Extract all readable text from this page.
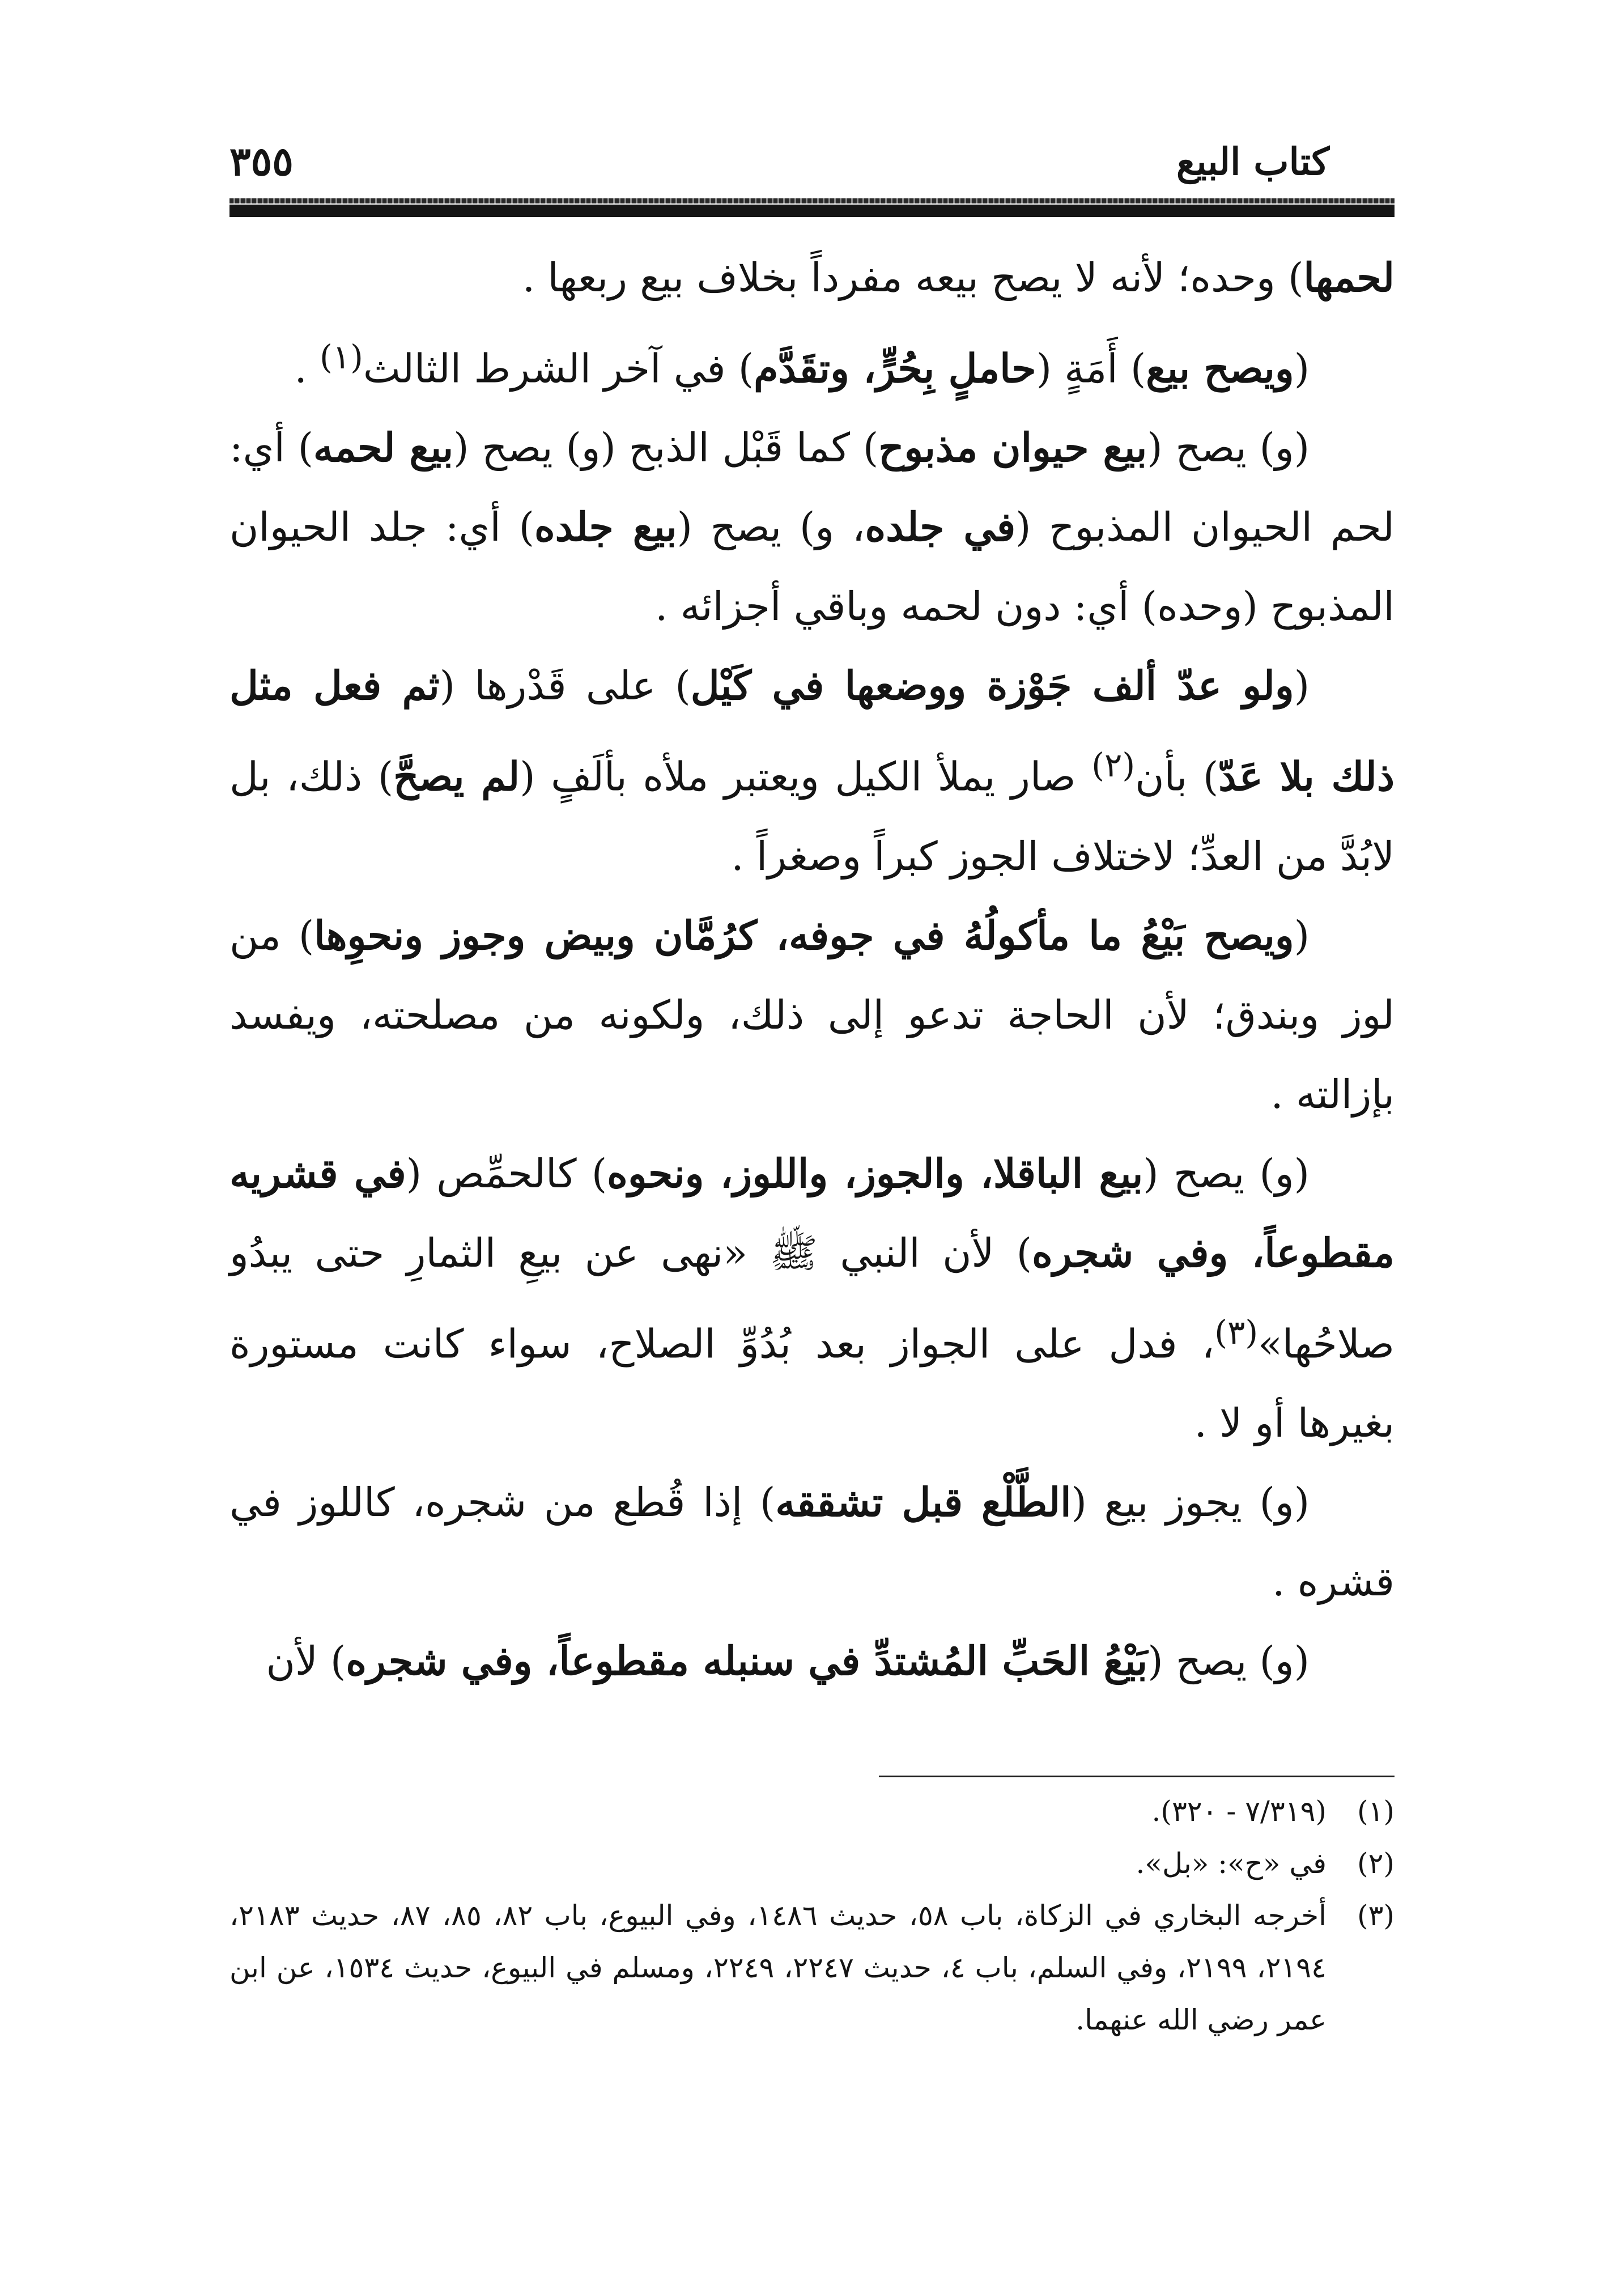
كتاب البيع
٣٥٥

لحمها) وحده؛ لأنه لا يصح بيعه مفرداً بخلاف بيع ربعها .

(ويصح بيع) أَمَةٍ (حاملٍ بِحُرٍّ، وتقَدَّم) في آخر الشرط الثالث$^{(١)}$ .

(و) يصح (بيع حيوان مذبوح) كما قَبْل الذبح (و) يصح (بيع لحمه) أي: لحم الحيوان المذبوح (في جلده، و) يصح (بيع جلده) أي: جلد الحيوان المذبوح (وحده) أي: دون لحمه وباقي أجزائه .

(ولو عدّ ألف جَوْزة ووضعها في كَيْل) على قَدْرها (ثم فعل مثل ذلك بلا عَدّ) بأن$^{(٢)}$ صار يملأ الكيل ويعتبر ملأه بألَفٍ (لم يصحَّ) ذلك، بل لابُدَّ من العدِّ؛ لاختلاف الجوز كبراً وصغراً .

(ويصح بَيْعُ ما مأكولُهُ في جوفه، كرُمَّان وبيض وجوز ونحوِها) من لوز وبندق؛ لأن الحاجة تدعو إلى ذلك، ولكونه من مصلحته، ويفسد بإزالته .

(و) يصح (بيع الباقلا، والجوز، واللوز، ونحوه) كالحمِّص (في قشريه مقطوعاً، وفي شجره) لأن النبي ﷺ «نهى عن بيعِ الثمارِ حتى يبدُو صلاحُها»$^{(٣)}$، فدل على الجواز بعد بُدُوِّ الصلاح، سواء كانت مستورة بغيرها أو لا .

(و) يجوز بيع (الطَّلْع قبل تشققه) إذا قُطع من شجره، كاللوز في قشره .

(و) يصح (بَيْعُ الحَبِّ المُشتدِّ في سنبله مقطوعاً، وفي شجره) لأن

(١)
(٧/٣١٩ - ٣٢٠).
(٢)
في «ح»: «بل».
(٣)
أخرجه البخاري في الزكاة، باب ٥٨، حديث ١٤٨٦، وفي البيوع، باب ٨٢، ٨٥، ٨٧، حديث ٢١٨٣، ٢١٩٤، ٢١٩٩، وفي السلم، باب ٤، حديث ٢٢٤٧، ٢٢٤٩، ومسلم في البيوع، حديث ١٥٣٤، عن ابن عمر رضي الله عنهما.
